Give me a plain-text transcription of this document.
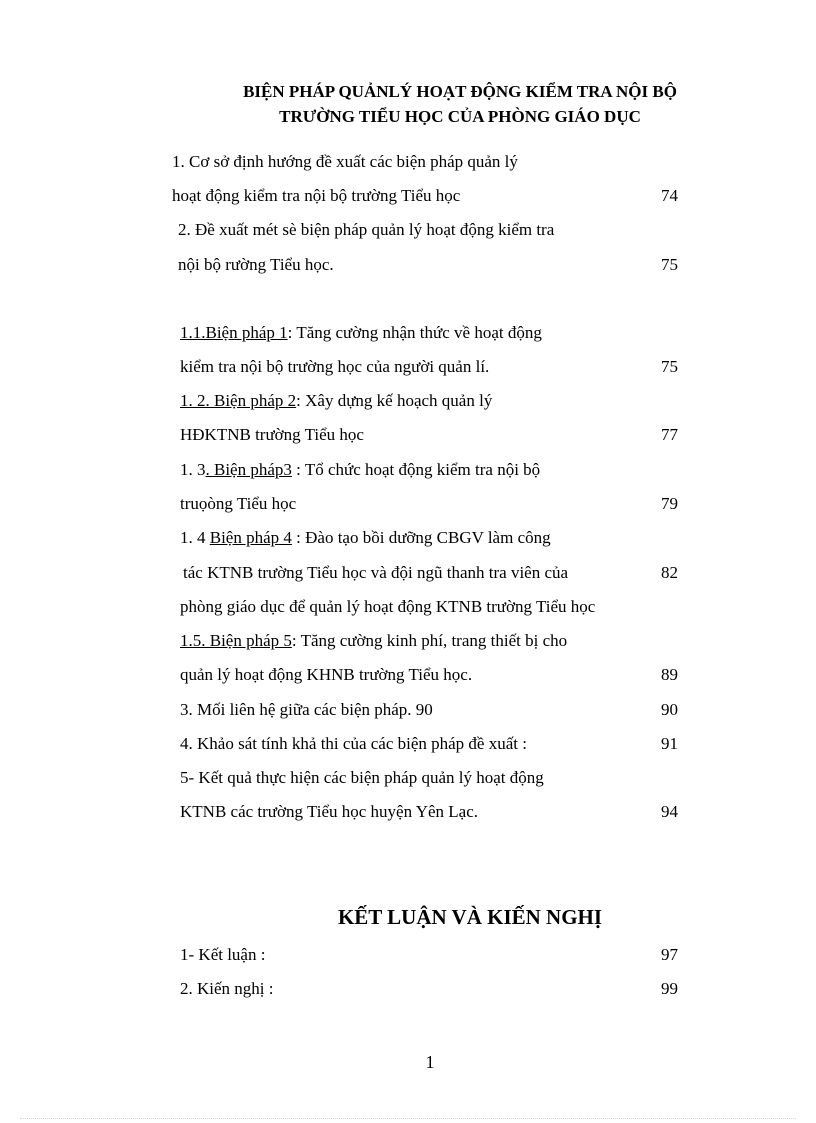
BIỆN PHÁP QUẢNLÝ HOẠT ĐỘNG KIỂM TRA NỘI BỘ
TRƯỜNG TIỂU HỌC CỦA PHÒNG GIÁO DỤC
1. Cơ sở định hướng đề xuất các biện pháp quản lý
hoạt động kiểm tra nội bộ trường Tiểu học	74
2. Đề xuất mét sè biện pháp quản lý hoạt động kiểm tra
nội bộ rường Tiểu học.	75
1.1.Biện pháp 1: Tăng cường nhận thức về hoạt động
kiểm tra nội bộ trường học của người quản lí.	75
1. 2. Biện pháp 2: Xây dựng kế hoạch quản lý
HĐKTNB trường Tiểu học	77
1. 3. Biện pháp3 : Tổ chức hoạt động kiểm tra nội bộ
truọòng Tiểu học	79
1. 4 Biện pháp 4 : Đào tạo bồi dưỡng CBGV làm công
tác KTNB trường Tiểu học và đội ngũ thanh tra viên của	82
phòng giáo dục để quản lý hoạt động KTNB trường Tiểu học
1.5. Biện pháp 5: Tăng cường kinh phí, trang thiết bị cho
quản lý hoạt động KHNB trường Tiểu học.	89
3. Mối liên hệ giữa các biện pháp. 90	90
4. Khảo sát tính khả thi của các biện pháp đề xuất :	91
5- Kết quả thực hiện các biện pháp quản lý hoạt động
KTNB các trường Tiểu học huyện Yên Lạc.	94
KẾT LUẬN VÀ KIẾN NGHỊ
1- Kết luận :	97
2. Kiến nghị :	99
1
